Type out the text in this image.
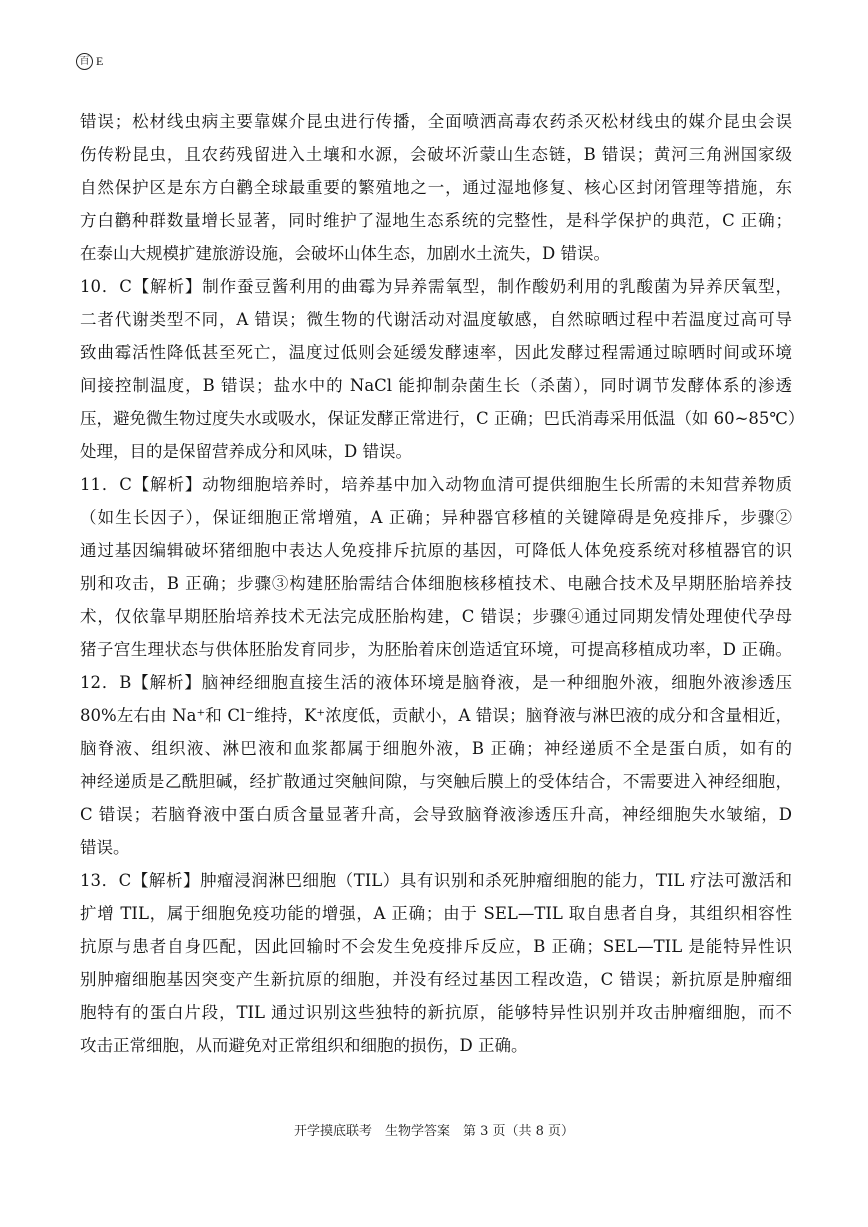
百 E
错误；松材线虫病主要靠媒介昆虫进行传播，全面喷洒高毒农药杀灭松材线虫的媒介昆虫会误
伤传粉昆虫，且农药残留进入土壤和水源，会破坏沂蒙山生态链，B 错误；黄河三角洲国家级
自然保护区是东方白鹳全球最重要的繁殖地之一，通过湿地修复、核心区封闭管理等措施，东
方白鹳种群数量增长显著，同时维护了湿地生态系统的完整性，是科学保护的典范，C 正确；
在泰山大规模扩建旅游设施，会破坏山体生态，加剧水土流失，D 错误。
10．C【解析】制作蚕豆酱利用的曲霉为异养需氧型，制作酸奶利用的乳酸菌为异养厌氧型，
二者代谢类型不同，A 错误；微生物的代谢活动对温度敏感，自然晾晒过程中若温度过高可导
致曲霉活性降低甚至死亡，温度过低则会延缓发酵速率，因此发酵过程需通过晾晒时间或环境
间接控制温度，B 错误；盐水中的 NaCl 能抑制杂菌生长（杀菌），同时调节发酵体系的渗透
压，避免微生物过度失水或吸水，保证发酵正常进行，C 正确；巴氏消毒采用低温（如 60~85℃）
处理，目的是保留营养成分和风味，D 错误。
11．C【解析】动物细胞培养时，培养基中加入动物血清可提供细胞生长所需的未知营养物质
（如生长因子），保证细胞正常增殖，A 正确；异种器官移植的关键障碍是免疫排斥，步骤②
通过基因编辑破坏猪细胞中表达人免疫排斥抗原的基因，可降低人体免疫系统对移植器官的识
别和攻击，B 正确；步骤③构建胚胎需结合体细胞核移植技术、电融合技术及早期胚胎培养技
术，仅依靠早期胚胎培养技术无法完成胚胎构建，C 错误；步骤④通过同期发情处理使代孕母
猪子宫生理状态与供体胚胎发育同步，为胚胎着床创造适宜环境，可提高移植成功率，D 正确。
12．B【解析】脑神经细胞直接生活的液体环境是脑脊液，是一种细胞外液，细胞外液渗透压
80%左右由 Na⁺和 Cl⁻维持，K⁺浓度低，贡献小，A 错误；脑脊液与淋巴液的成分和含量相近，
脑脊液、组织液、淋巴液和血浆都属于细胞外液，B 正确；神经递质不全是蛋白质，如有的
神经递质是乙酰胆碱，经扩散通过突触间隙，与突触后膜上的受体结合，不需要进入神经细胞，
C 错误；若脑脊液中蛋白质含量显著升高，会导致脑脊液渗透压升高，神经细胞失水皱缩，D
错误。
13．C【解析】肿瘤浸润淋巴细胞（TIL）具有识别和杀死肿瘤细胞的能力，TIL 疗法可激活和
扩增 TIL，属于细胞免疫功能的增强，A 正确；由于 SEL—TIL 取自患者自身，其组织相容性
抗原与患者自身匹配，因此回输时不会发生免疫排斥反应，B 正确；SEL—TIL 是能特异性识
别肿瘤细胞基因突变产生新抗原的细胞，并没有经过基因工程改造，C 错误；新抗原是肿瘤细
胞特有的蛋白片段，TIL 通过识别这些独特的新抗原，能够特异性识别并攻击肿瘤细胞，而不
攻击正常细胞，从而避免对正常组织和细胞的损伤，D 正确。
开学摸底联考　生物学答案　第 3 页（共 8 页）
